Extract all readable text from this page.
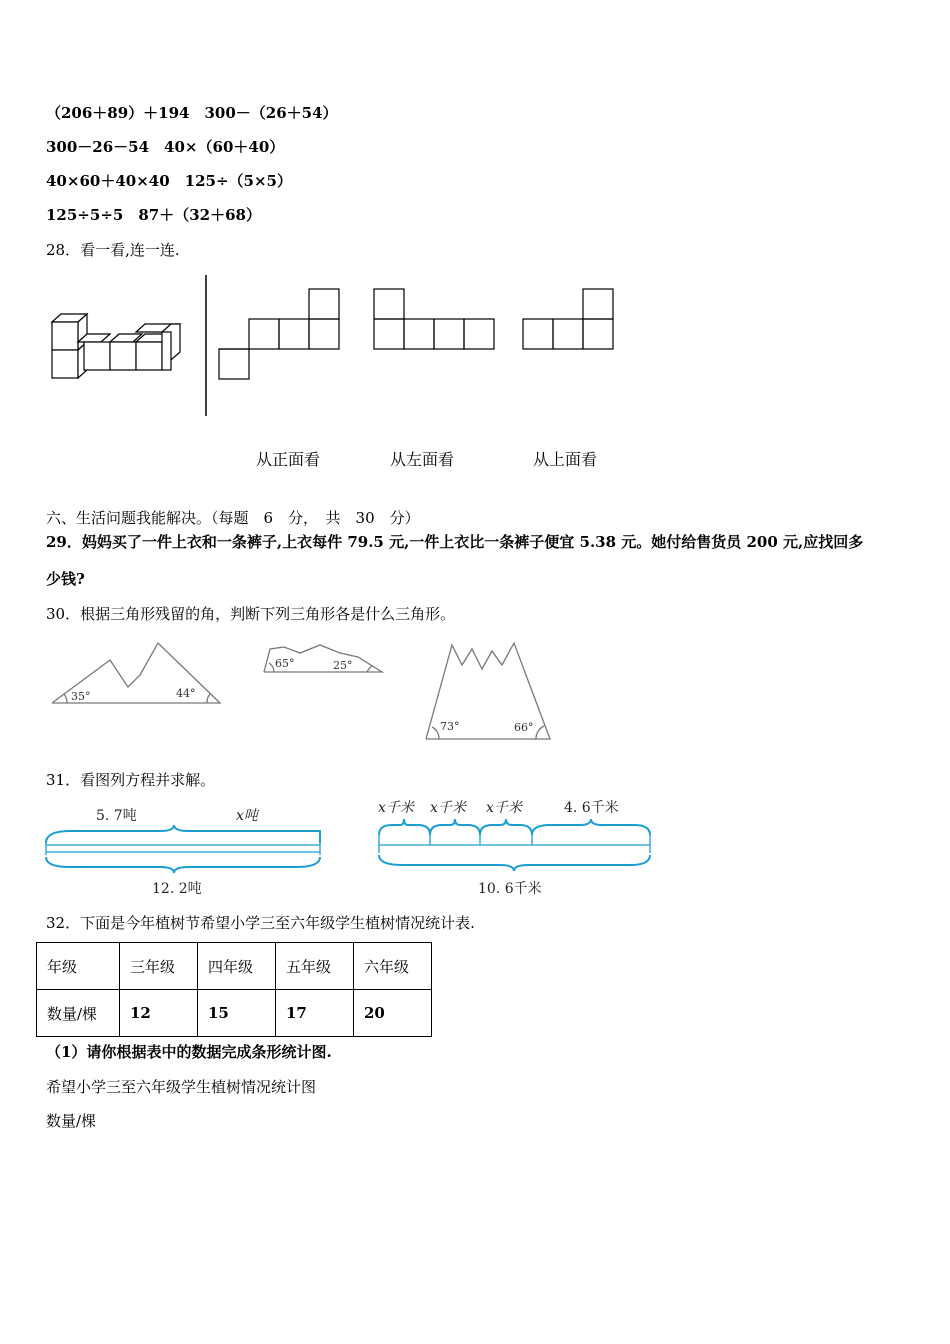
（206＋89）＋194　300－（26＋54）
300－26－54　40×（60＋40）
40×60＋40×40　125÷（5×5）
125÷5÷5　87＋（32＋68）
28．看一看,连一连.
从正面看	从左面看	从上面看
六、生活问题我能解决。（每题　6　分，　共　30　分）
29．妈妈买了一件上衣和一条裤子,上衣每件 79.5 元,一件上衣比一条裤子便宜 5.38 元。她付给售货员 200 元,应找回多
少钱?
30．根据三角形残留的角，判断下列三角形各是什么三角形。
35°	44°
65°	25°
73°	66°
31．看图列方程并求解。
5. 7吨	x吨
12. 2吨
x千米 x千米 x千米	4. 6千米
10. 6千米
32．下面是今年植树节希望小学三至六年级学生植树情况统计表.
年级	三年级	四年级	五年级	六年级
数量/棵	12	15	17	20
（1）请你根据表中的数据完成条形统计图.
希望小学三至六年级学生植树情况统计图
数量/棵
